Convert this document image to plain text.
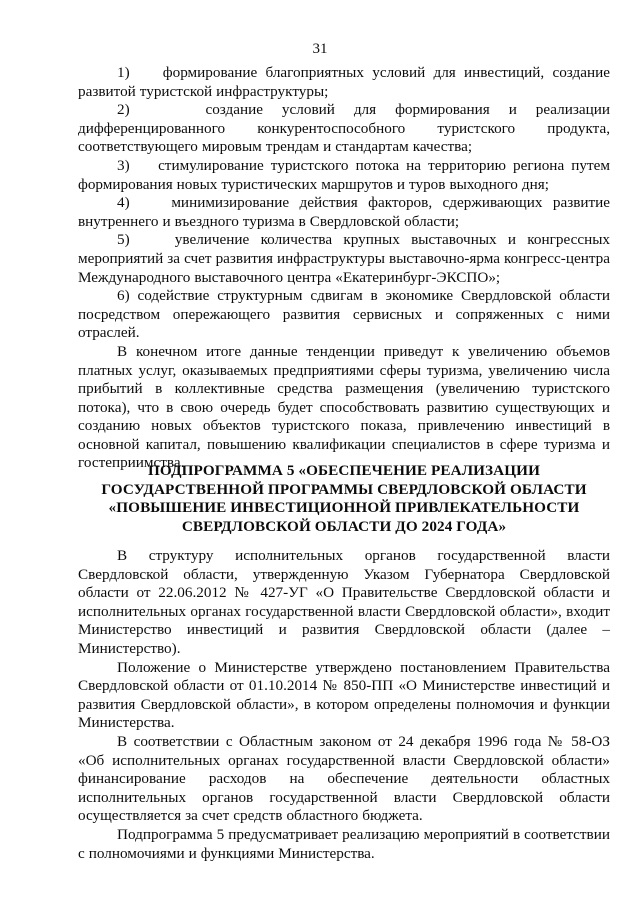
31

1)    формирование благоприятных условий для инвестиций, создание развитой туристской инфраструктуры;

2)    создание условий для формирования и реализации дифференцированного конкурентоспособного туристского продукта, соответствующего мировым трендам и стандартам качества;

3)    стимулирование туристского потока на территорию региона путем формирования новых туристических маршрутов и туров выходного дня;

4)    минимизирование действия факторов, сдерживающих развитие внутреннего и въездного туризма в Свердловской области;

5)    увеличение количества крупных выставочных и конгрессных мероприятий за счет развития инфраструктуры выставочно-ярма конгресс-центра Международного выставочного центра «Екатеринбург-ЭКСПО»;

6) содействие структурным сдвигам в экономике Свердловской области посредством опережающего развития сервисных и сопряженных с ними отраслей.

В конечном итоге данные тенденции приведут к увеличению объемов платных услуг, оказываемых предприятиями сферы туризма, увеличению числа прибытий в коллективные средства размещения (увеличению туристского потока), что в свою очередь будет способствовать развитию существующих и созданию новых объектов туристского показа, привлечению инвестиций в основной капитал, повышению квалификации специалистов в сфере туризма и гостеприимства.

ПОДПРОГРАММА 5 «ОБЕСПЕЧЕНИЕ РЕАЛИЗАЦИИ
ГОСУДАРСТВЕННОЙ ПРОГРАММЫ СВЕРДЛОВСКОЙ ОБЛАСТИ
«ПОВЫШЕНИЕ ИНВЕСТИЦИОННОЙ ПРИВЛЕКАТЕЛЬНОСТИ
СВЕРДЛОВСКОЙ ОБЛАСТИ ДО 2024 ГОДА»

В структуру исполнительных органов государственной власти Свердловской области, утвержденную Указом Губернатора Свердловской области от 22.06.2012 № 427-УГ «О Правительстве Свердловской области и исполнительных органах государственной власти Свердловской области», входит Министерство инвестиций и развития Свердловской области (далее – Министерство).

Положение о Министерстве утверждено постановлением Правительства Свердловской области от 01.10.2014 № 850-ПП «О Министерстве инвестиций и развития Свердловской области», в котором определены полномочия и функции Министерства.

В соответствии с Областным законом от 24 декабря 1996 года № 58-ОЗ «Об исполнительных органах государственной власти Свердловской области» финансирование расходов на обеспечение деятельности областных исполнительных органов государственной власти Свердловской области осуществляется за счет средств областного бюджета.

Подпрограмма 5 предусматривает реализацию мероприятий в соответствии с полномочиями и функциями Министерства.
